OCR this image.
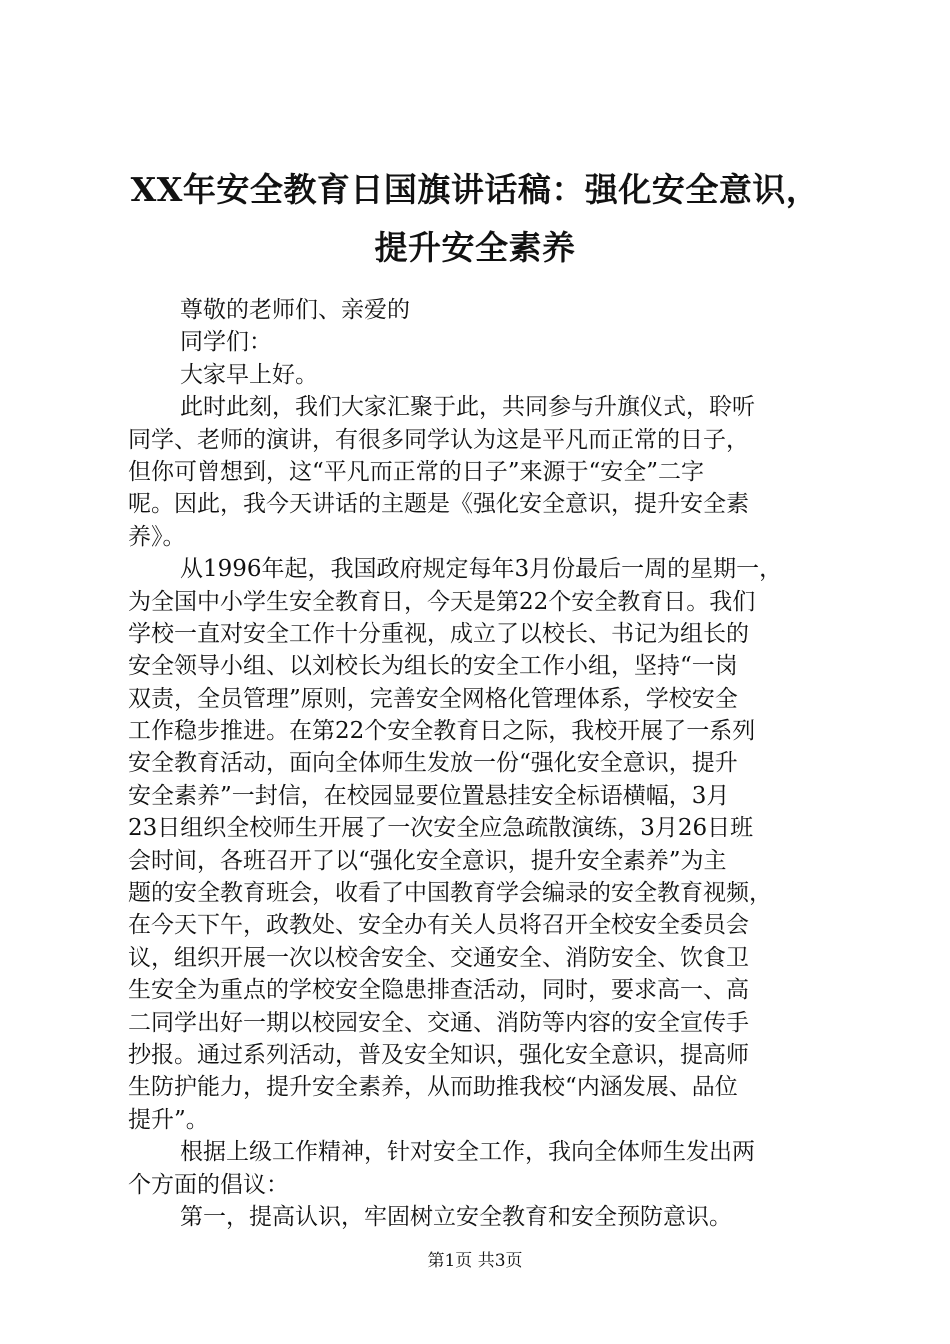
XX年安全教育日国旗讲话稿：强化安全意识，
提升安全素养
尊敬的老师们、亲爱的
同学们：
大家早上好。
此时此刻，我们大家汇聚于此，共同参与升旗仪式，聆听
同学、老师的演讲，有很多同学认为这是平凡而正常的日子，
但你可曾想到，这“平凡而正常的日子”来源于“安全”二字
呢。因此，我今天讲话的主题是《强化安全意识，提升安全素
养》。
从1996年起，我国政府规定每年3月份最后一周的星期一，
为全国中小学生安全教育日，今天是第22个安全教育日。我们
学校一直对安全工作十分重视，成立了以校长、书记为组长的
安全领导小组、以刘校长为组长的安全工作小组，坚持“一岗
双责，全员管理”原则，完善安全网格化管理体系，学校安全
工作稳步推进。在第22个安全教育日之际，我校开展了一系列
安全教育活动，面向全体师生发放一份“强化安全意识，提升
安全素养”一封信，在校园显要位置悬挂安全标语横幅，3月
23日组织全校师生开展了一次安全应急疏散演练，3月26日班
会时间，各班召开了以“强化安全意识，提升安全素养”为主
题的安全教育班会，收看了中国教育学会编录的安全教育视频，
在今天下午，政教处、安全办有关人员将召开全校安全委员会
议，组织开展一次以校舍安全、交通安全、消防安全、饮食卫
生安全为重点的学校安全隐患排查活动，同时，要求高一、高
二同学出好一期以校园安全、交通、消防等内容的安全宣传手
抄报。通过系列活动，普及安全知识，强化安全意识，提高师
生防护能力，提升安全素养，从而助推我校“内涵发展、品位
提升”。
根据上级工作精神，针对安全工作，我向全体师生发出两
个方面的倡议：
第一，提高认识，牢固树立安全教育和安全预防意识。
第1页 共3页
